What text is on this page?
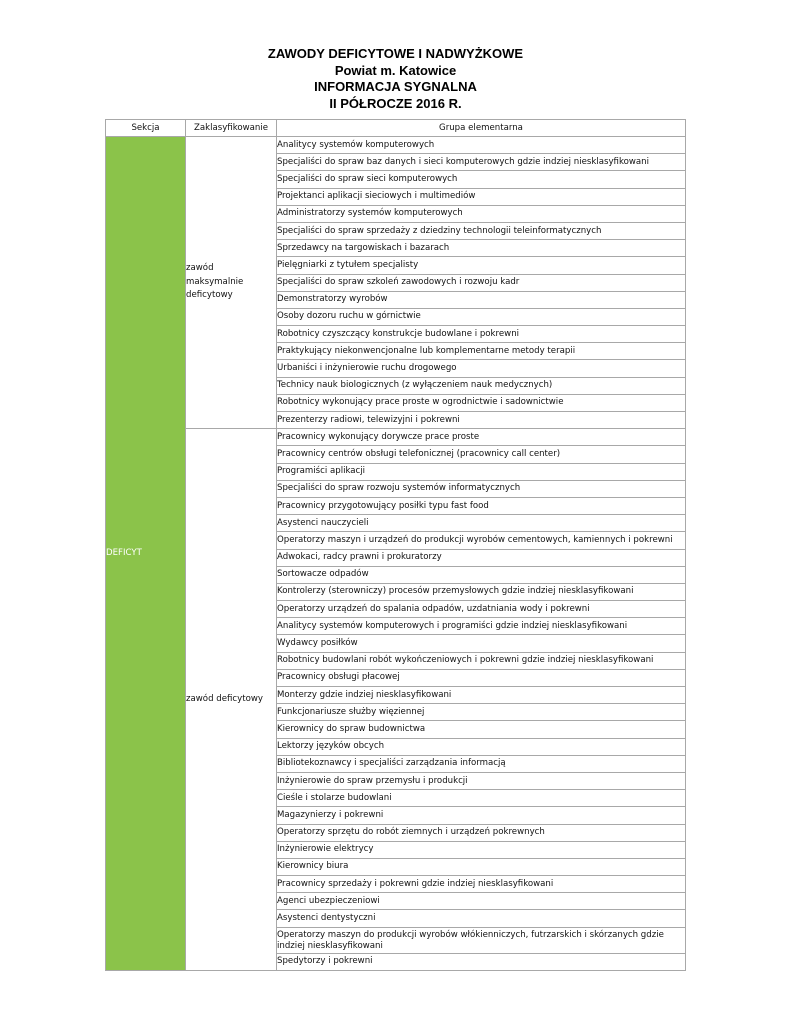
ZAWODY DEFICYTOWE I NADWYŻKOWE
Powiat m. Katowice
INFORMACJA SYGNALNA
II PÓŁROCZE 2016 R.
Sekcja	Zaklasyfikowanie	Grupa elementarna
DEFICYT	zawód maksymalnie deficytowy	Analitycy systemów komputerowych
		Specjaliści do spraw baz danych i sieci komputerowych gdzie indziej niesklasyfikowani
		Specjaliści do spraw sieci komputerowych
		Projektanci aplikacji sieciowych i multimediów
		Administratorzy systemów komputerowych
		Specjaliści do spraw sprzedaży z dziedziny technologii teleinformatycznych
		Sprzedawcy na targowiskach i bazarach
		Pielęgniarki z tytułem specjalisty
		Specjaliści do spraw szkoleń zawodowych i rozwoju kadr
		Demonstratorzy wyrobów
		Osoby dozoru ruchu w górnictwie
		Robotnicy czyszczący konstrukcje budowlane i pokrewni
		Praktykujący niekonwencjonalne lub komplementarne metody terapii
		Urbaniści i inżynierowie ruchu drogowego
		Technicy nauk biologicznych (z wyłączeniem nauk medycznych)
		Robotnicy wykonujący prace proste w ogrodnictwie i sadownictwie
		Prezenterzy radiowi, telewizyjni i pokrewni

	zawód deficytowy	Pracownicy wykonujący dorywcze prace proste
		Pracownicy centrów obsługi telefonicznej (pracownicy call center)
		Programiści aplikacji
		Specjaliści do spraw rozwoju systemów informatycznych
		Pracownicy przygotowujący posiłki typu fast food
		Asystenci nauczycieli
		Operatorzy maszyn i urządzeń do produkcji wyrobów cementowych, kamiennych i pokrewni
		Adwokaci, radcy prawni i prokuratorzy
		Sortowacze odpadów
		Kontrolerzy (sterowniczy) procesów przemysłowych gdzie indziej niesklasyfikowani
		Operatorzy urządzeń do spalania odpadów, uzdatniania wody i pokrewni
		Analitycy systemów komputerowych i programiści gdzie indziej niesklasyfikowani
		Wydawcy posiłków
		Robotnicy budowlani robót wykończeniowych i pokrewni gdzie indziej niesklasyfikowani
		Pracownicy obsługi płacowej
		Monterzy gdzie indziej niesklasyfikowani
		Funkcjonariusze służby więziennej
		Kierownicy do spraw budownictwa
		Lektorzy języków obcych
		Bibliotekoznawcy i specjaliści zarządzania informacją
		Inżynierowie do spraw przemysłu i produkcji
		Cieśle i stolarze budowlani
		Magazynierzy i pokrewni
		Operatorzy sprzętu do robót ziemnych i urządzeń pokrewnych
		Inżynierowie elektrycy
		Kierownicy biura
		Pracownicy sprzedaży i pokrewni gdzie indziej niesklasyfikowani
		Agenci ubezpieczeniowi
		Asystenci dentystyczni
		Operatorzy maszyn do produkcji wyrobów włókienniczych, futrzarskich i skórzanych gdzie indziej niesklasyfikowani
		Spedytorzy i pokrewni
